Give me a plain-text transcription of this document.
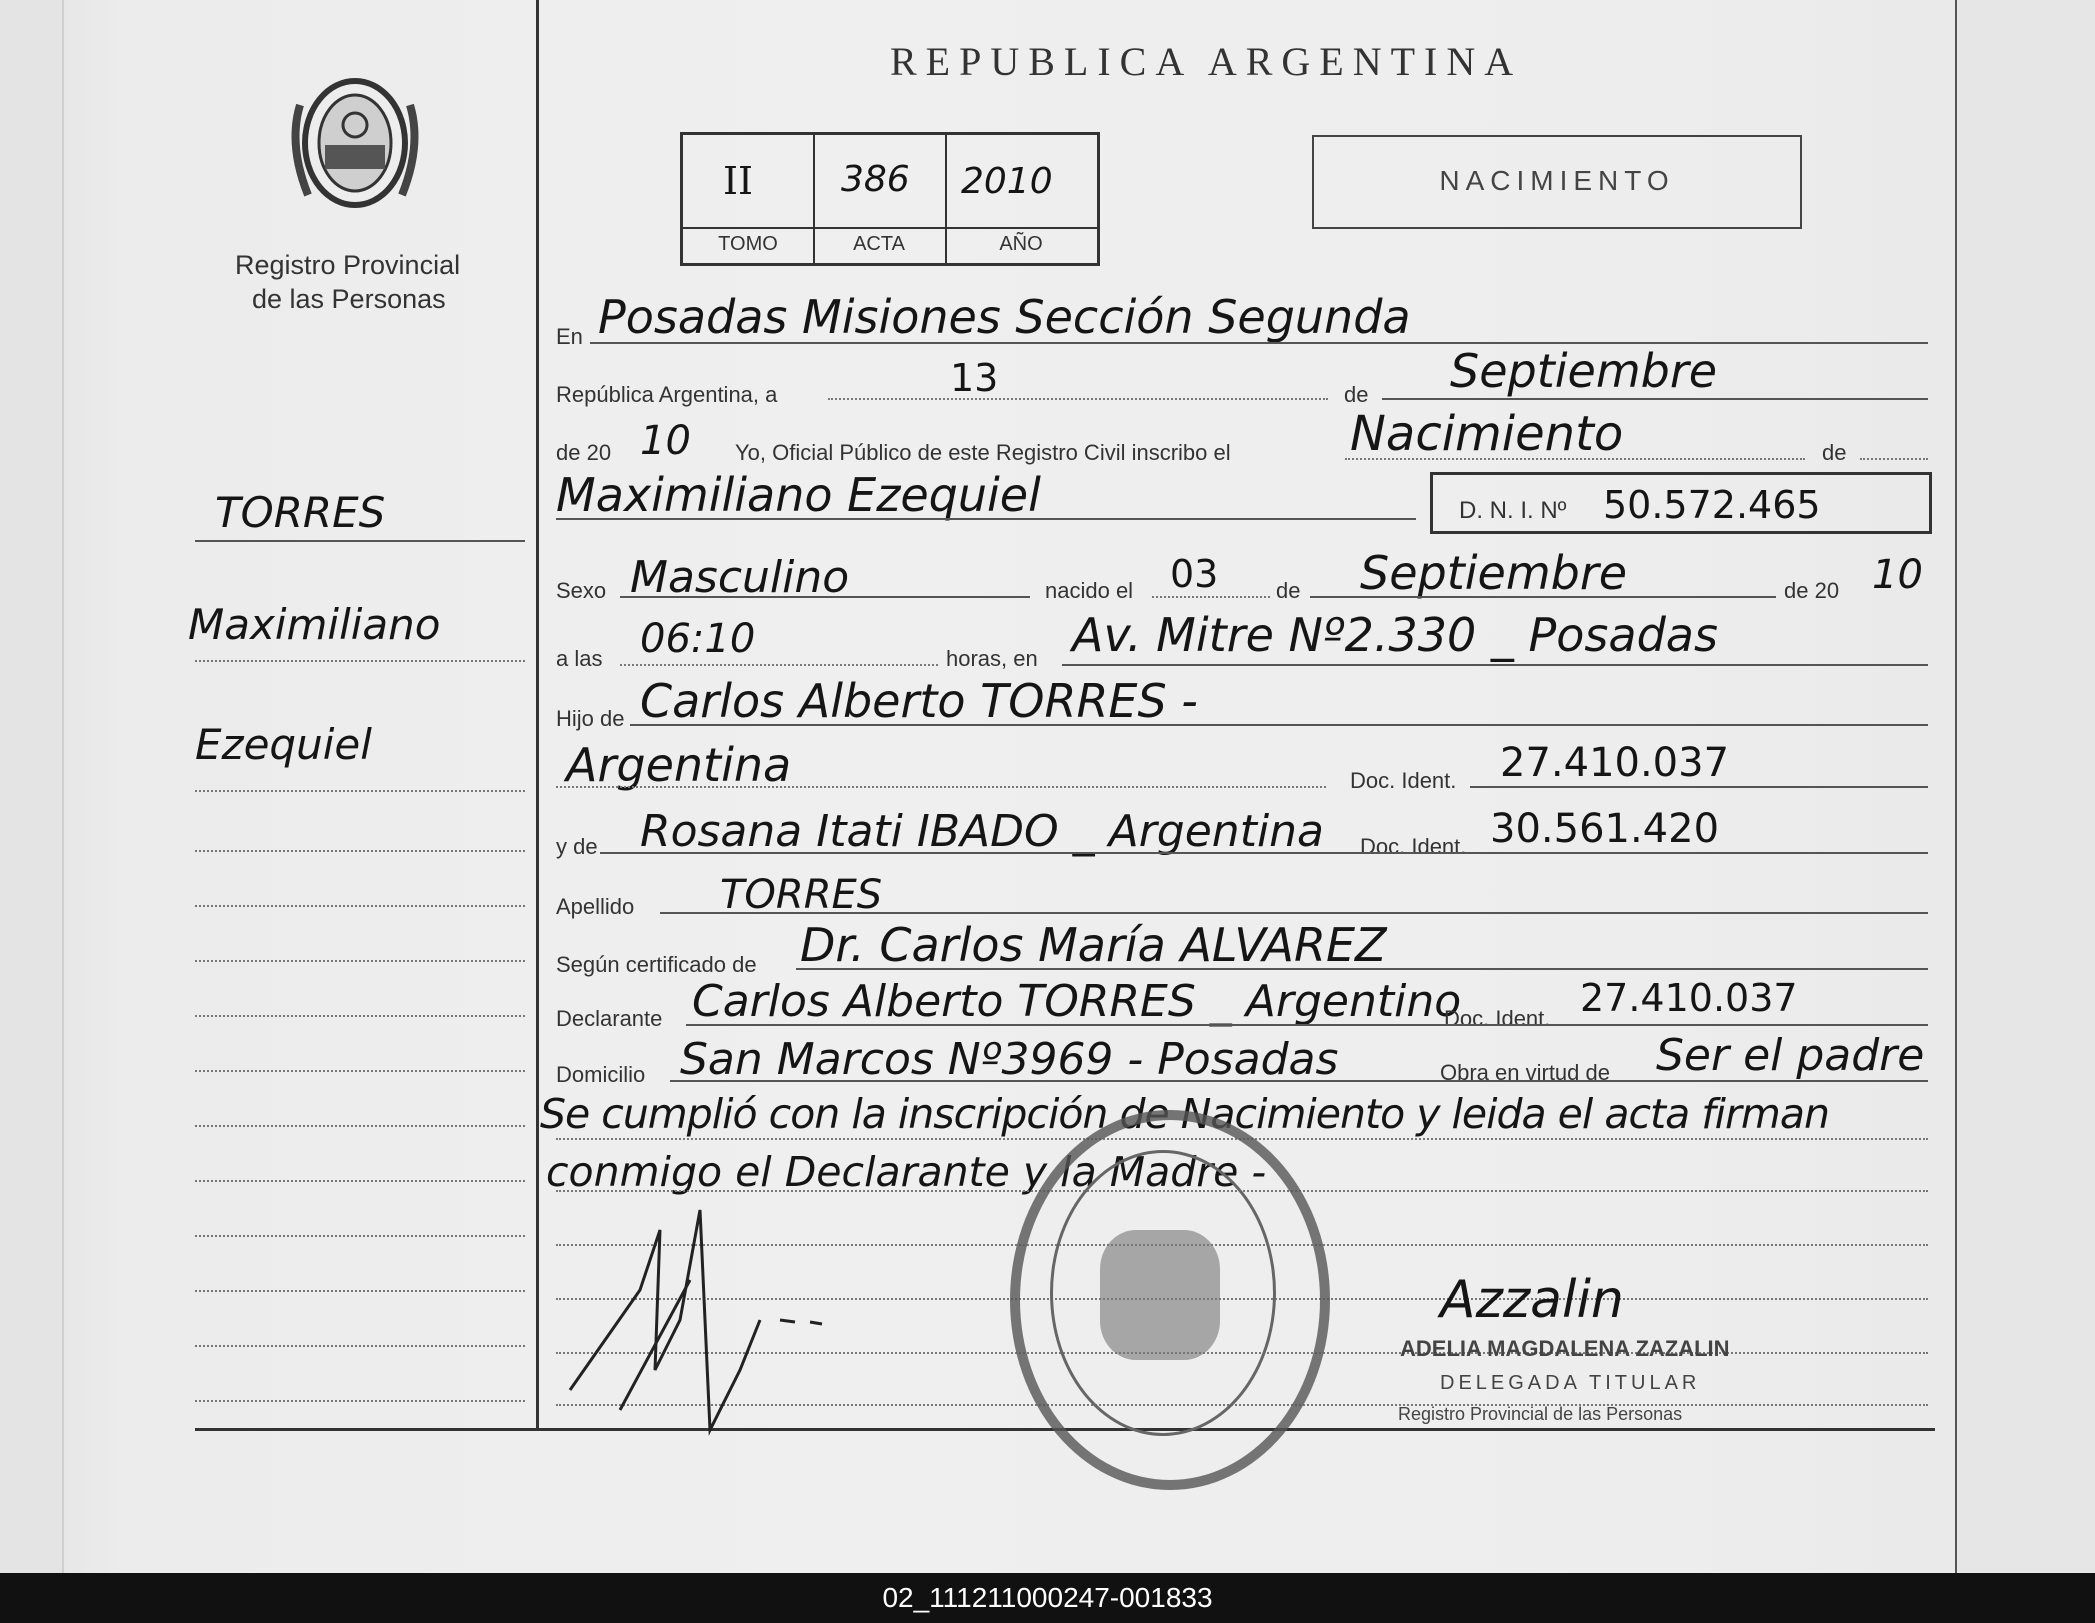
Registro Provincial
de las Personas
REPUBLICA ARGENTINA
II 386 2010
TOMO	ACTA	AÑO
NACIMIENTO
TORRES
Maximiliano
Ezequiel
En Posadas Misiones Sección Segunda
República Argentina, a	13	de Septiembre
de 20 10 Yo, Oficial Público de este Registro Civil inscribo el Nacimiento	de
Maximiliano Ezequiel	D. N. I. Nº 50.572.465
Sexo Masculino	nacido el 03	de Septiembre	de 20 10
a las 06:10	horas, en Av. Mitre Nº2.330 _ Posadas
Hijo de Carlos Alberto TORRES -
Argentina	Doc. Ident. 27.410.037
y de Rosana Itati IBADO _ Argentina Doc. Ident. 30.561.420
Apellido TORRES
Según certificado de Dr. Carlos María ALVAREZ
Declarante Carlos Alberto TORRES _ Argentino
Doc. Ident. 27.410.037
Domicilio San Marcos Nº3969 - Posadas	Obra en virtud de Ser el padre
Se cumplió con la inscripción de Nacimiento y leida el acta firman
conmigo el Declarante y la Madre -
Azzalin
ADELIA MAGDALENA ZAZALIN
DELEGADA TITULAR
Registro Provincial de las Personas
02_111211000247-001833
